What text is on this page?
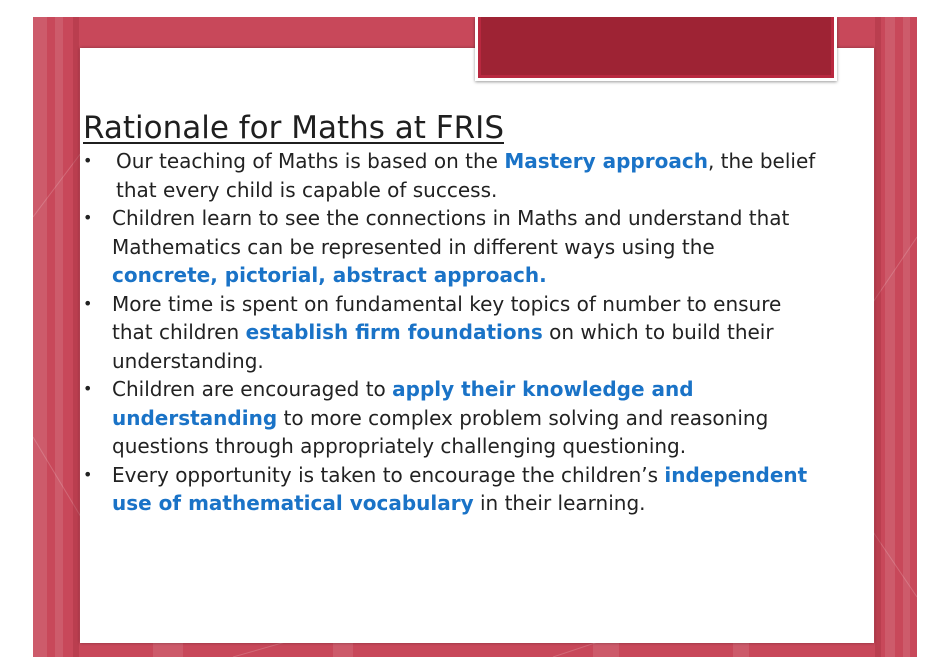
Rationale for Maths at FRIS
• Our teaching of Maths is based on the Mastery approach, the belief that every child is capable of success.
• Children learn to see the connections in Maths and understand that Mathematics can be represented in different ways using the concrete, pictorial, abstract approach.
• More time is spent on fundamental key topics of number to ensure that children establish firm foundations on which to build their understanding.
• Children are encouraged to apply their knowledge and understanding to more complex problem solving and reasoning questions through appropriately challenging questioning.
• Every opportunity is taken to encourage the children’s independent use of mathematical vocabulary in their learning.
